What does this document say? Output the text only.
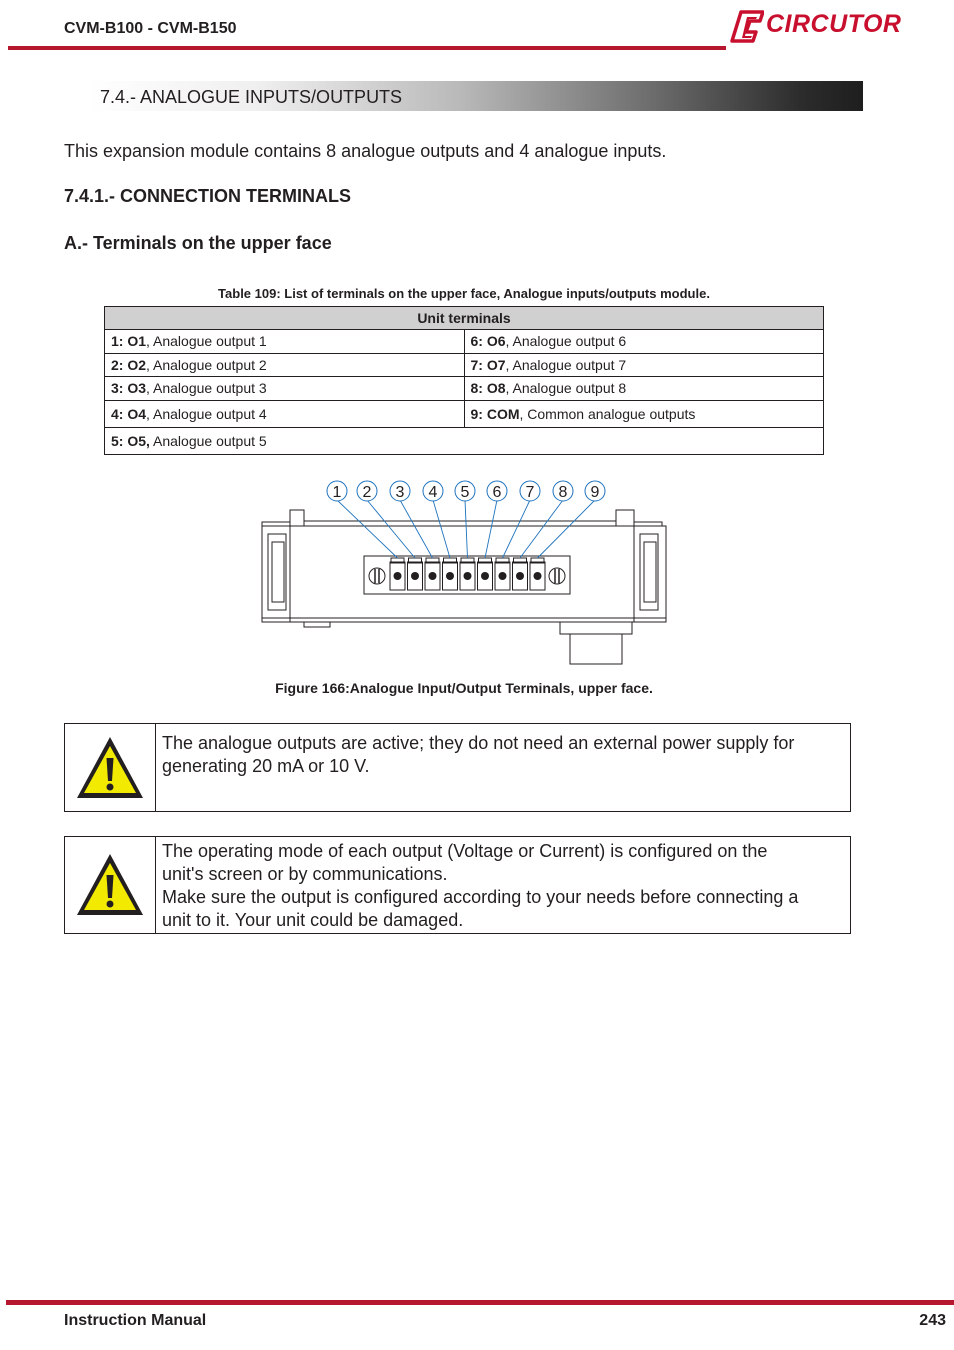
CVM-B100 - CVM-B150	CIRCUTOR
7.4.- ANALOGUE INPUTS/OUTPUTS
This expansion module contains 8 analogue outputs and 4 analogue inputs.
7.4.1.- CONNECTION TERMINALS
A.- Terminals on the upper face
Table 109: List of terminals on the upper face, Analogue inputs/outputs module.
Unit terminals	
1: O1, Analogue output 1	6: O6, Analogue output 6
2: O2, Analogue output 2	7: O7, Analogue output 7
3: O3, Analogue output 3	8: O8, Analogue output 8
4: O4, Analogue output 4	9: COM, Common analogue outputs
5: O5, Analogue output 5	
1 2 3 4 5 6 7 8 9
Figure 166:Analogue Input/Output Terminals, upper face.
The analogue outputs are active; they do not need an external power supply for
generating 20 mA or 10 V.
The operating mode of each output (Voltage or Current) is configured on the
unit's screen or by communications.
Make sure the output is configured according to your needs before connecting a
unit to it. Your unit could be damaged.
Instruction Manual	243
